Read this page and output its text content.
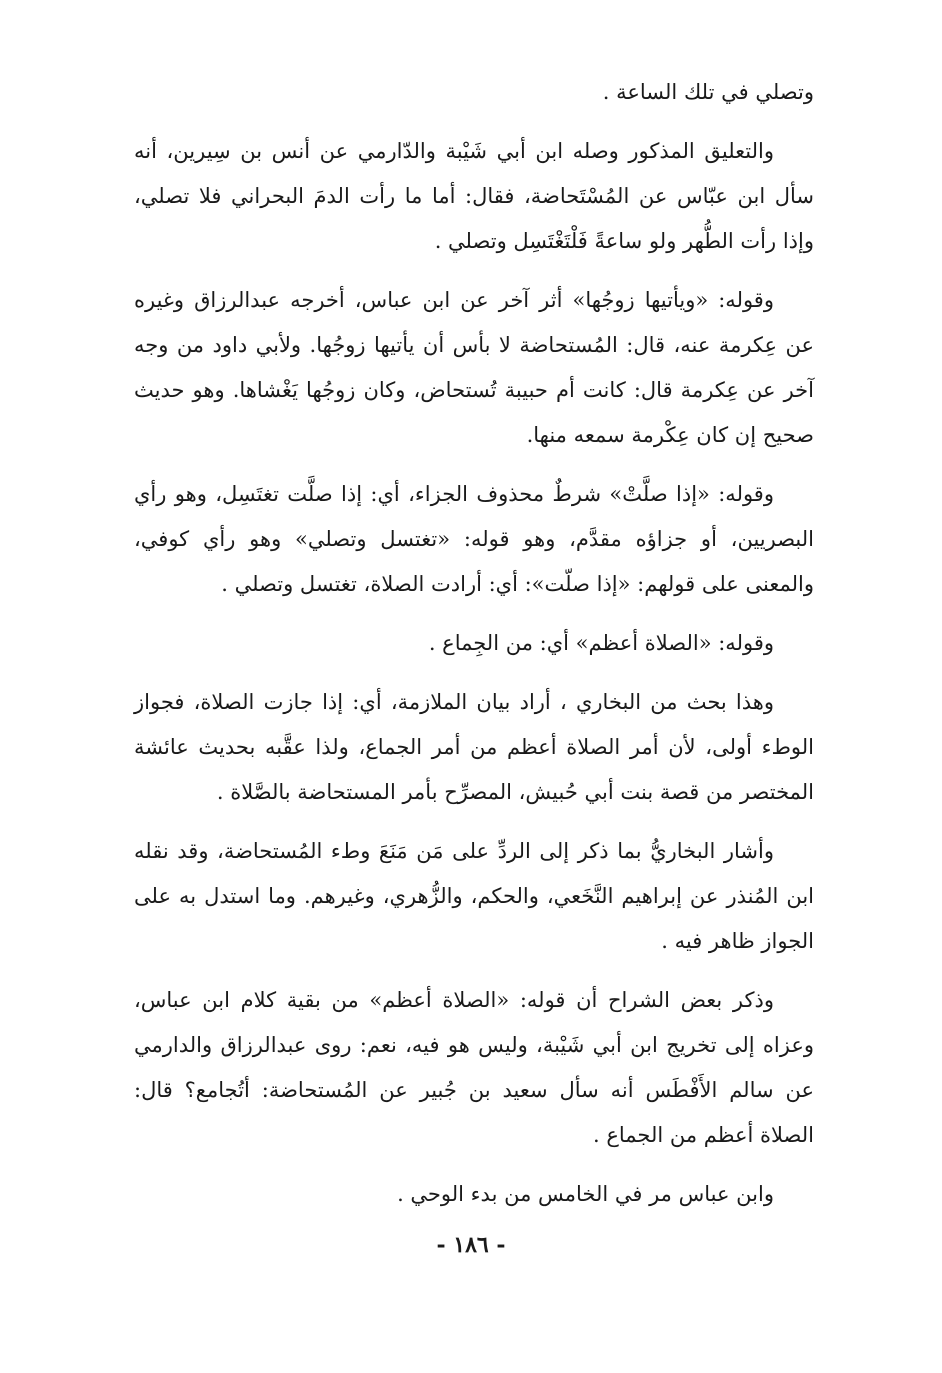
وتصلي في تلك الساعة .

والتعليق المذكور وصله ابن أبي شَيْبة والدّارمي عن أنس بن سِيرين، أنه سأل ابن عبّاس عن المُسْتَحاضة، فقال: أما ما رأت الدمَ البحراني فلا تصلي، وإذا رأت الطُّهر ولو ساعةً فَلْتَغْتَسِل وتصلي .

وقوله: «ويأتيها زوجُها» أثر آخر عن ابن عباس، أخرجه عبدالرزاق وغيره عن عِكرمة عنه، قال: المُستحاضة لا بأس أن يأتيها زوجُها. ولأبي داود من وجه آخر عن عِكرمة قال: كانت أم حبيبة تُستحاض، وكان زوجُها يَغْشاها. وهو حديث صحيح إن كان عِكْرمة سمعه منها.

وقوله: «إذا صلَّتْ» شرطٌ محذوف الجزاء، أي: إذا صلَّت تغتَسِل، وهو رأي البصريين، أو جزاؤه مقدَّم، وهو قوله: «تغتسل وتصلي» وهو رأي كوفي، والمعنى على قولهم: «إذا صلّت»: أي: أرادت الصلاة، تغتسل وتصلي .

وقوله: «الصلاة أعظم» أي: من الجِماع .

وهذا بحث من البخاري ، أراد بيان الملازمة، أي: إذا جازت الصلاة، فجواز الوطء أولى، لأن أمر الصلاة أعظم من أمر الجماع، ولذا عقَّبه بحديث عائشة المختصر من قصة بنت أبي حُبيش، المصرِّح بأمر المستحاضة بالصَّلاة .

وأشار البخاريُّ بما ذكر إلى الردِّ على مَن مَنَعَ وطء المُستحاضة، وقد نقله ابن المُنذر عن إبراهيم النَّخَعي، والحكم، والزُّهري، وغيرهم. وما استدل به على الجواز ظاهر فيه .

وذكر بعض الشراح أن قوله: «الصلاة أعظم» من بقية كلام ابن عباس، وعزاه إلى تخريج ابن أبي شَيْبة، وليس هو فيه، نعم: روى عبدالرزاق والدارمي عن سالم الأَفْطَس أنه سأل سعيد بن جُبير عن المُستحاضة: أتُجامع؟ قال: الصلاة أعظم من الجماع .

وابن عباس مر في الخامس من بدء الوحي .

- ١٨٦ -
